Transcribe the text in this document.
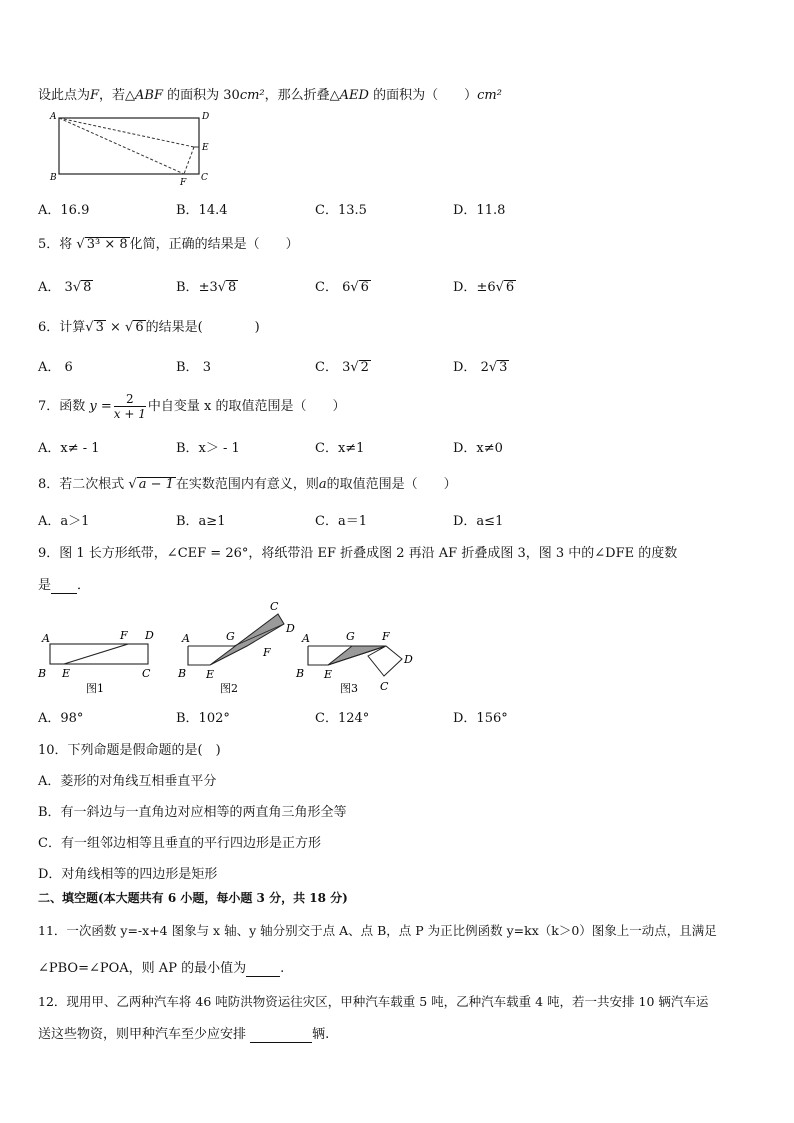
设此点为F，若△ABF 的面积为 30cm²，那么折叠△AED 的面积为（　　）cm²
A	D
E
B	F C
A．16.9	B．14.4	C．13.5	D．11.8
5．将 √ 3³ × 8 化简，正确的结果是（　　）
A． 3√ 8	B．±3√ 8	C． 6√ 6	D．±6√ 6
6．计算√ 3 × √ 6 的结果是(　　　　)
A． 6	B． 3	C． 3√ 2	D． 2√ 3
7．函数 $y = \frac{2}{x + 1}$ 中自变量 x 的取值范围是（　　）
A．x≠ - 1	B．x＞ - 1	C．x≠1	D．x≠0
8．若二次根式 √ a − 1 在实数范围内有意义，则a的取值范围是（　　）
A．a＞1	B．a≥1	C．a＝1	D．a≤1
9．图 1 长方形纸带，∠CEF = 26°，将纸带沿 EF 折叠成图 2 再沿 AF 折叠成图 3，图 3 中的∠DFE 的度数
是 ．
A	F D
B E	C
图1
A	G
C
D
F
B E
图2
A	G F
D
B E
C
图3
A．98°	B．102°	C．124°	D．156°
10．下列命题是假命题的是(　)
A．菱形的对角线互相垂直平分
B．有一斜边与一直角边对应相等的两直角三角形全等
C．有一组邻边相等且垂直的平行四边形是正方形
D．对角线相等的四边形是矩形
二、填空题(本大题共有 6 小题，每小题 3 分，共 18 分)
11．一次函数 y=-x+4 图象与 x 轴、y 轴分别交于点 A、点 B，点 P 为正比例函数 y=kx（k＞0）图象上一动点，且满足
∠PBO=∠POA，则 AP 的最小值为	.
12．现用甲、乙两种汽车将 46 吨防洪物资运往灾区，甲种汽车载重 5 吨，乙种汽车载重 4 吨，若一共安排 10 辆汽车运
送这些物资，则甲种汽车至少应安排	辆.
